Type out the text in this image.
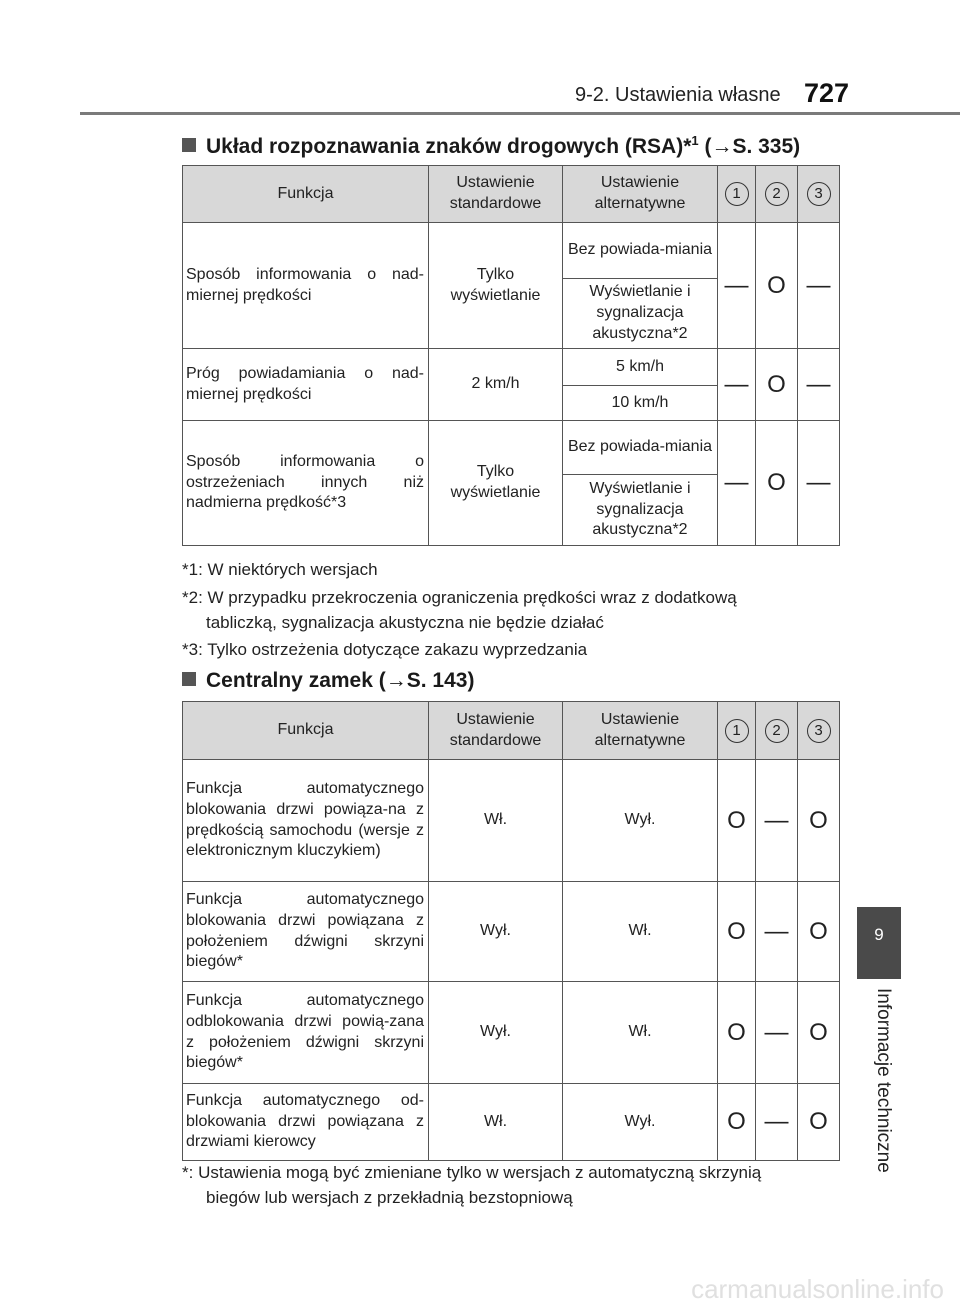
9-2. Ustawienia własne 727
9
Informacje techniczne
Układ rozpoznawania znaków drogowych (RSA)*$^1$ (→S. 335)
Funkcja	Ustawienie standardowe	Ustawienie alternatywne	1	2	3
Sposób informowania o nad-miernej prędkości	Tylko wyświetlanie	Bez powiada-miania	—	O	—
		Wyświetlanie i sygnalizacja akustyczna*2			
Próg powiadamiania o nad-miernej prędkości	2 km/h	5 km/h	—	O	—
		10 km/h			
Sposób informowania o ostrzeżeniach innych niż nadmierna prędkość*3	Tylko wyświetlanie	Bez powiada-miania	—	O	—
		Wyświetlanie i sygnalizacja akustyczna*2			
*1: W niektórych wersjach
*2: W przypadku przekroczenia ograniczenia prędkości wraz z dodatkową
tabliczką, sygnalizacja akustyczna nie będzie działać
*3: Tylko ostrzeżenia dotyczące zakazu wyprzedzania
Centralny zamek (→S. 143)
Funkcja	Ustawienie standardowe	Ustawienie alternatywne	1	2	3
Funkcja automatycznego blokowania drzwi powiąza-na z prędkością samochodu (wersje z elektronicznym kluczykiem)	Wł.	Wył.	O	—	O
Funkcja automatycznego blokowania drzwi powiązana z położeniem dźwigni skrzyni biegów*	Wył.	Wł.	O	—	O
Funkcja automatycznego odblokowania drzwi powią-zana z położeniem dźwigni skrzyni biegów*	Wył.	Wł.	O	—	O
Funkcja automatycznego od-blokowania drzwi powiązana z drzwiami kierowcy	Wł.	Wył.	O	—	O
*: Ustawienia mogą być zmieniane tylko w wersjach z automatyczną skrzynią
biegów lub wersjach z przekładnią bezstopniową
carmanualsonline.info
